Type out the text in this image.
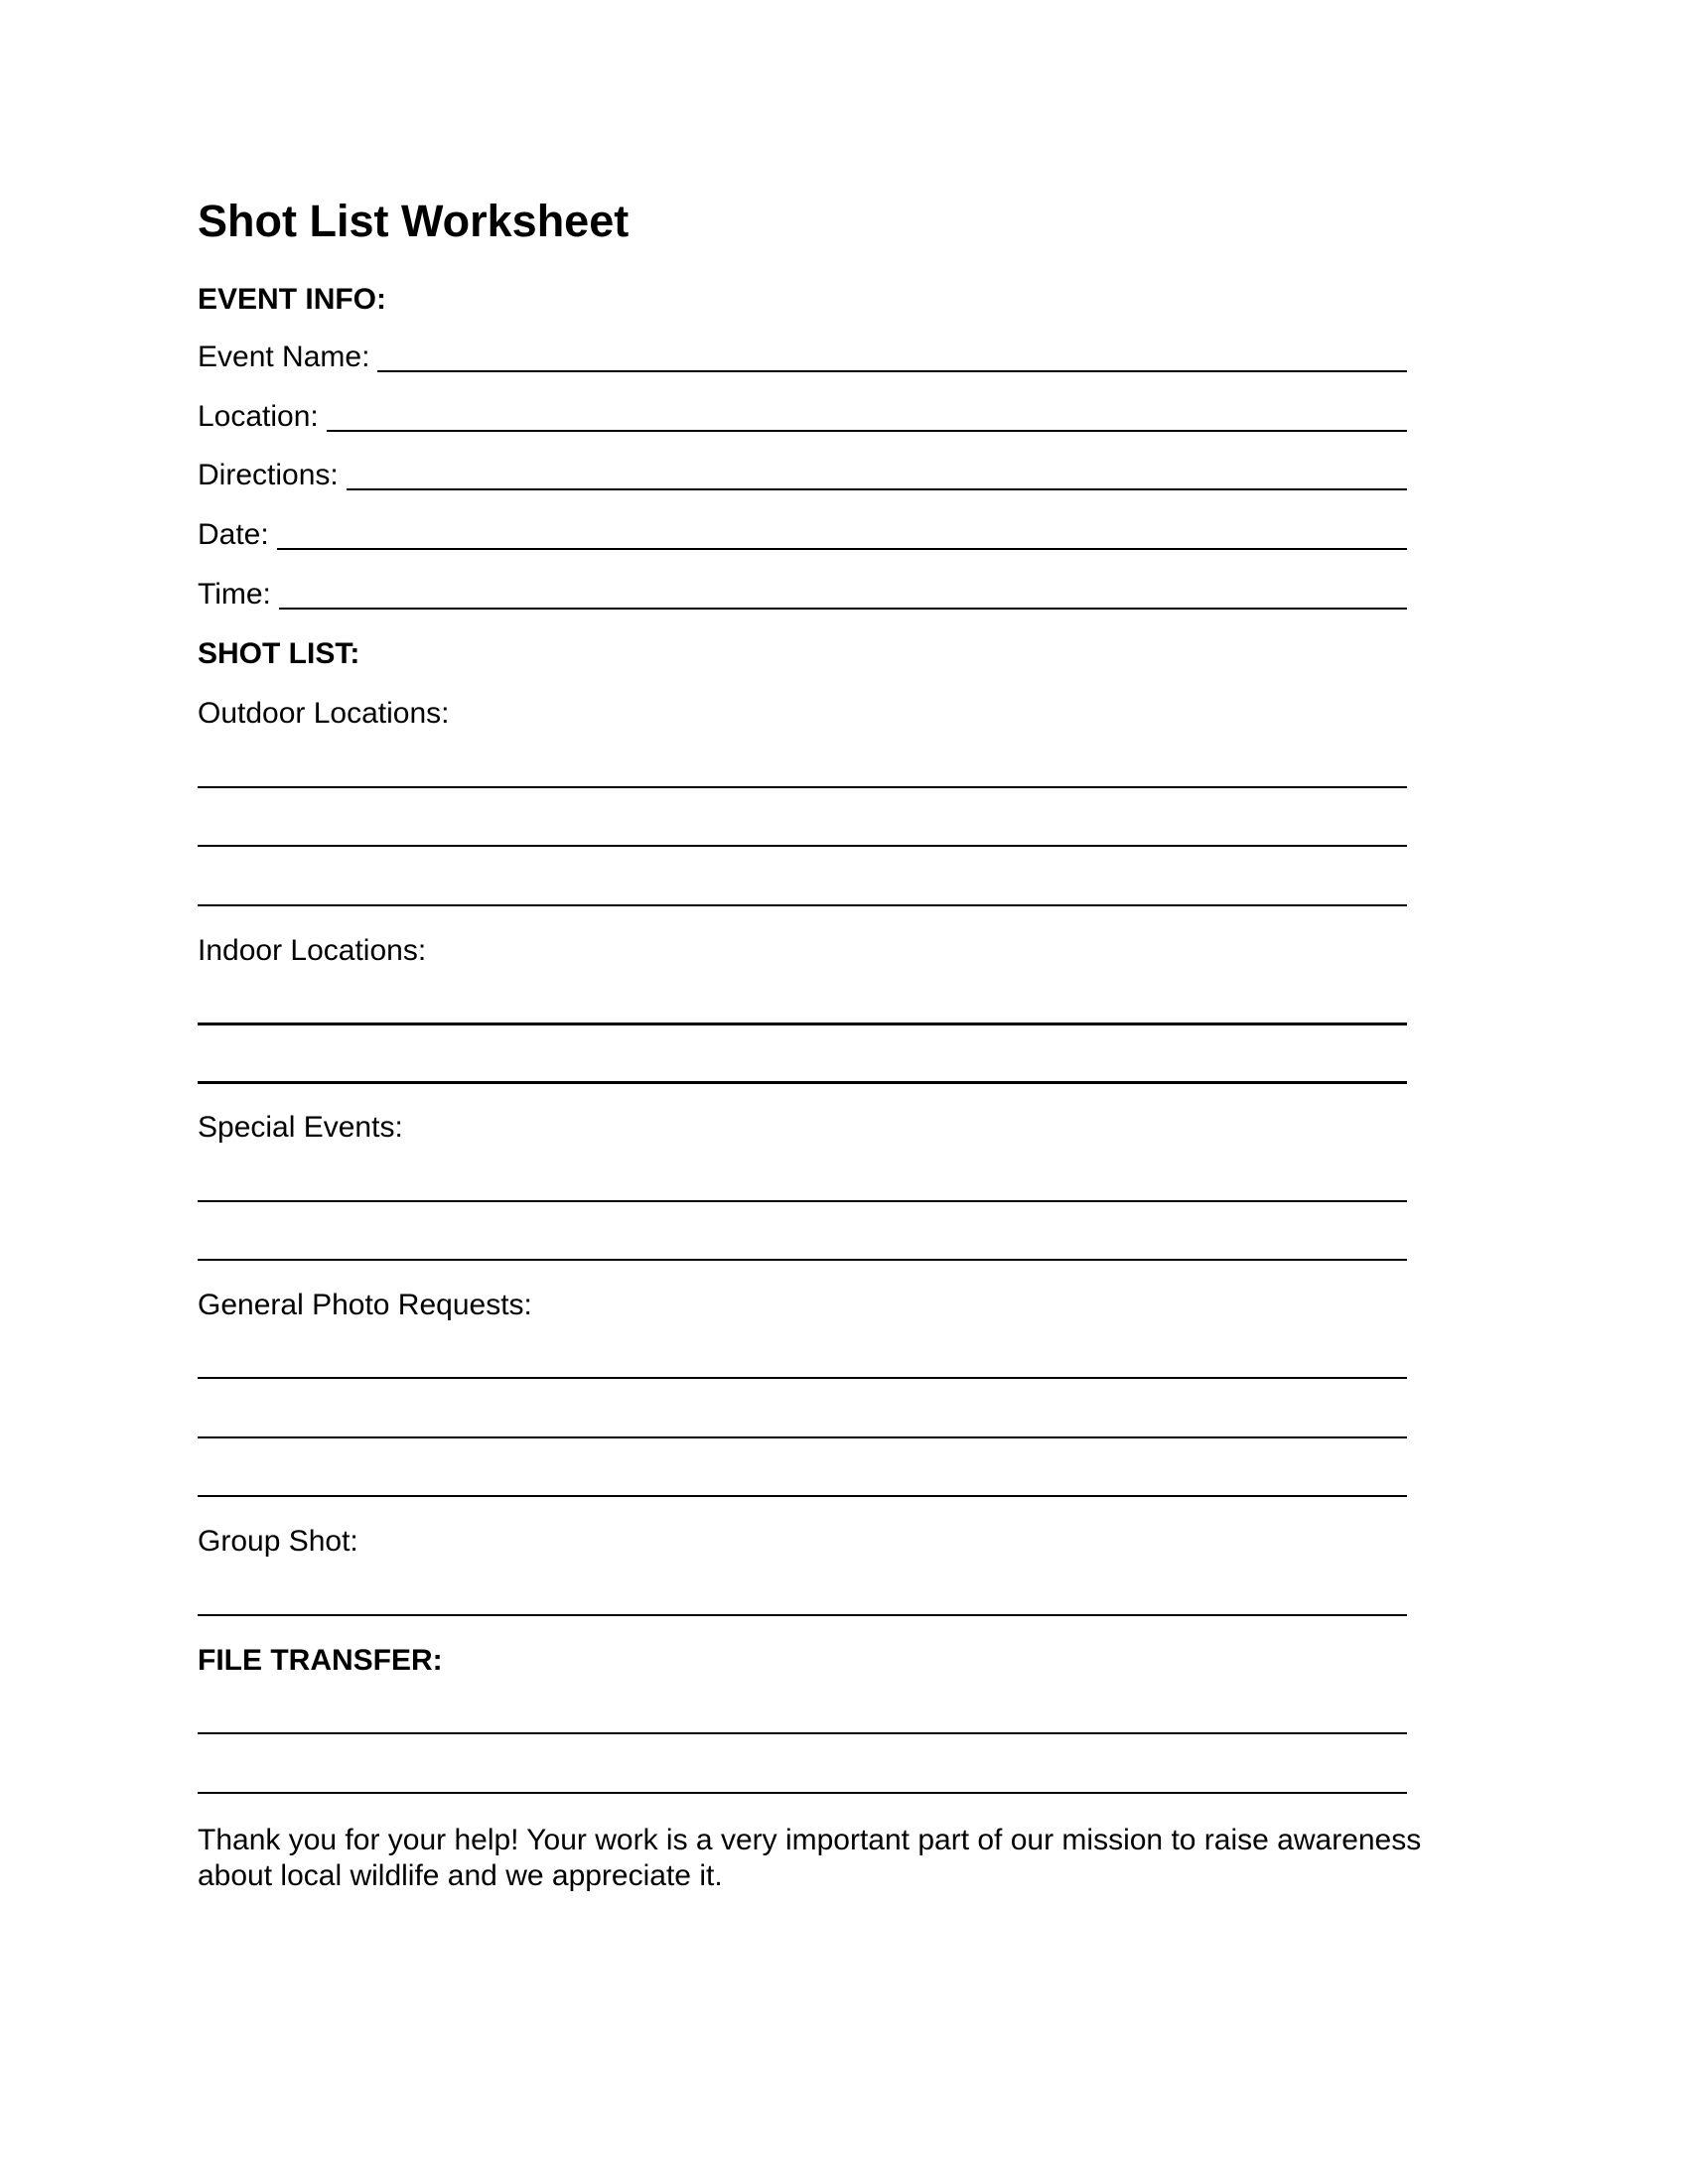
Shot List Worksheet
EVENT INFO:
Event Name:
Location:
Directions:
Date:
Time:
SHOT LIST:

Outdoor Locations:

Indoor Locations:

Special Events:

General Photo Requests:

Group Shot:

FILE TRANSFER:

Thank you for your help! Your work is a very important part of our mission to raise awareness about local wildlife and we appreciate it.
